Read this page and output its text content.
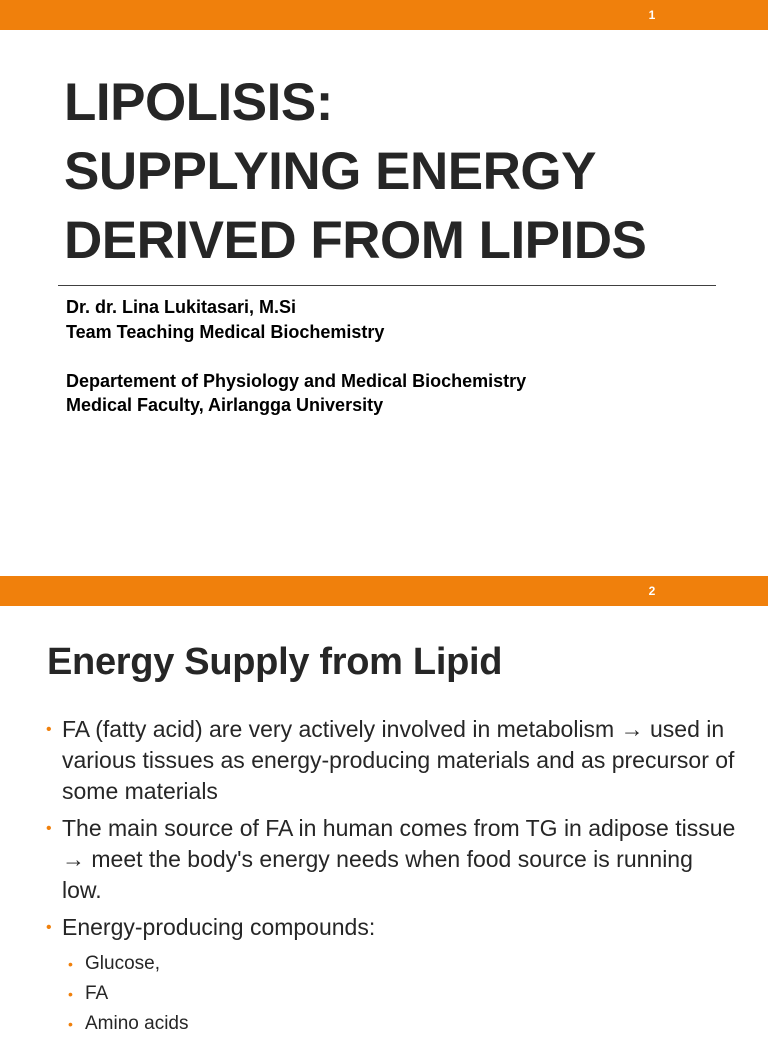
1
LIPOLISIS:
SUPPLYING ENERGY
DERIVED FROM LIPIDS
Dr. dr. Lina Lukitasari, M.Si
Team Teaching Medical Biochemistry
Departement of Physiology and Medical Biochemistry
Medical Faculty, Airlangga University
2
Energy Supply from Lipid
• FA (fatty acid) are very actively involved in metabolism → used in various tissues as energy-producing materials and as precursor of some materials
• The main source of FA in human comes from TG in adipose tissue → meet the body's energy needs when food source is running low.
• Energy-producing compounds:
• Glucose,
• FA
• Amino acids
